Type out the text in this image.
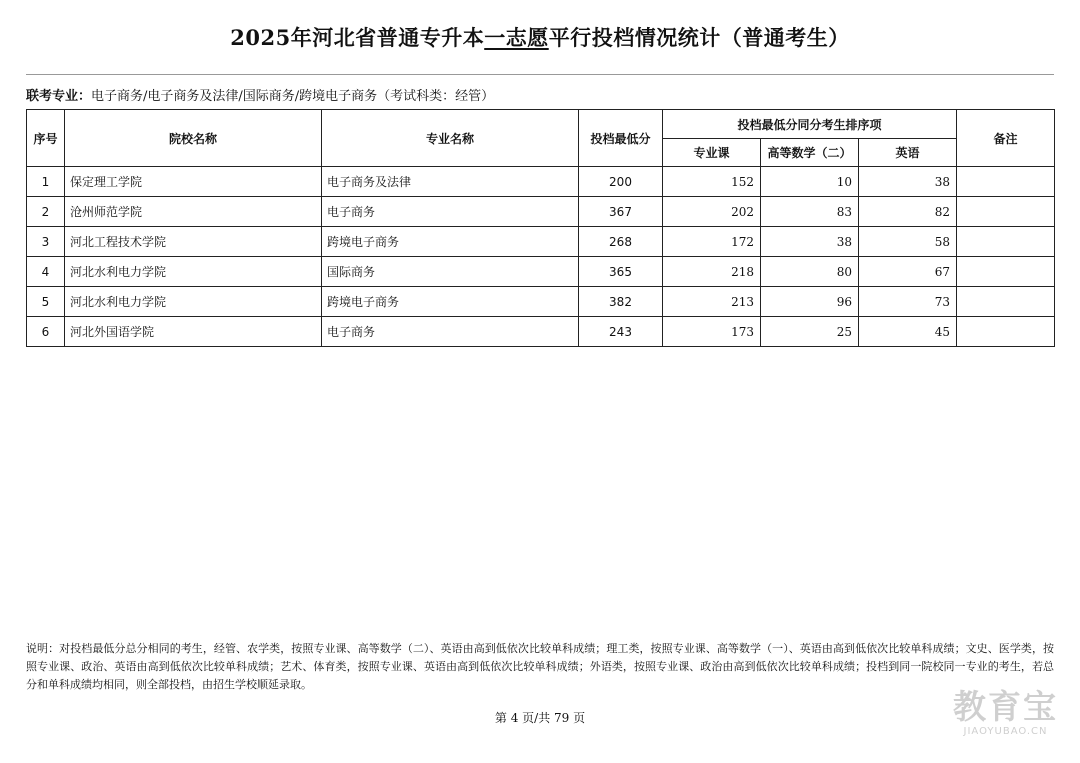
2025年河北省普通专升本一志愿平行投档情况统计（普通考生）
联考专业：电子商务/电子商务及法律/国际商务/跨境电子商务（考试科类：经管）
序号	院校名称	专业名称	投档最低分	投档最低分同分考生排序项			备注
				专业课	高等数学（二）	英语	
1	保定理工学院	电子商务及法律	200	152	10	38	
2	沧州师范学院	电子商务	367	202	83	82	
3	河北工程技术学院	跨境电子商务	268	172	38	58	
4	河北水利电力学院	国际商务	365	218	80	67	
5	河北水利电力学院	跨境电子商务	382	213	96	73	
6	河北外国语学院	电子商务	243	173	25	45	
说明：对投档最低分总分相同的考生，经管、农学类，按照专业课、高等数学（二）、英语由高到低依次比较单科成绩；理工类，按照专业课、高等数学（一）、英语由高到低依次比较单科成绩；文史、医学类，按照专业课、政治、英语由高到低依次比较单科成绩；艺术、体育类，按照专业课、英语由高到低依次比较单科成绩；外语类，按照专业课、政治由高到低依次比较单科成绩；投档到同一院校同一专业的考生，若总分和单科成绩均相同，则全部投档，由招生学校顺延录取。
第 4 页/共 79 页	教育宝
JIAOYUBAO.CN
